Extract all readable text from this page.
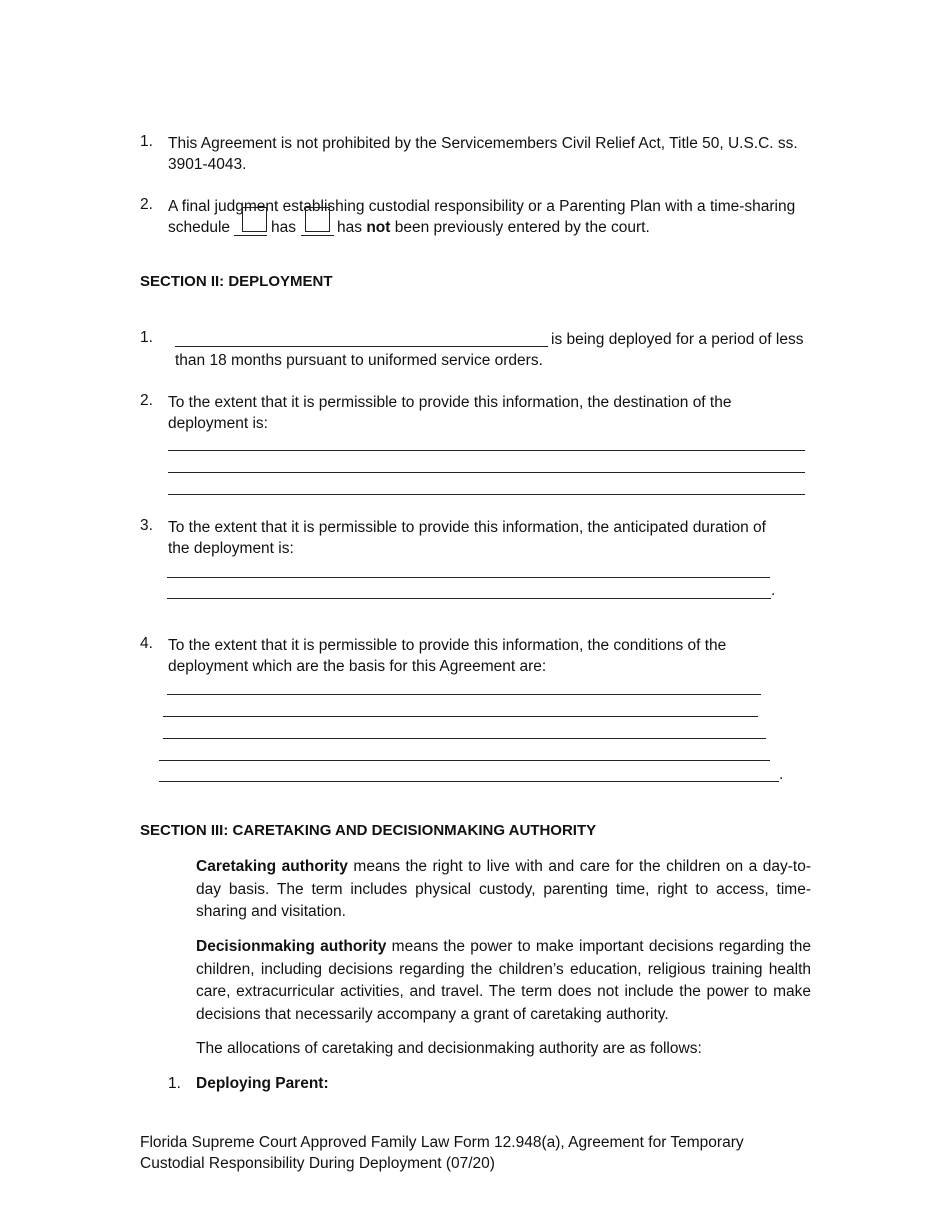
1. This Agreement is not prohibited by the Servicemembers Civil Relief Act, Title 50, U.S.C. ss.
3901-4043.
2. A final judgment establishing custodial responsibility or a Parenting Plan with a time-sharing
schedule	has	has not been previously entered by the court.
SECTION II: DEPLOYMENT
1.	is being deployed for a period of less
than 18 months pursuant to uniformed service orders.
2. To the extent that it is permissible to provide this information, the destination of the
deployment is:
3. To the extent that it is permissible to provide this information, the anticipated duration of
the deployment is:
.
4. To the extent that it is permissible to provide this information, the conditions of the
deployment which are the basis for this Agreement are:
.
SECTION III: CARETAKING AND DECISIONMAKING AUTHORITY
Caretaking authority means the right to live with and care for the children on a day-to-day basis. The term includes physical custody, parenting time, right to access, time-sharing and visitation.
Decisionmaking authority means the power to make important decisions regarding the children, including decisions regarding the children’s education, religious training health care, extracurricular activities, and travel. The term does not include the power to make decisions that necessarily accompany a grant of caretaking authority.
The allocations of caretaking and decisionmaking authority are as follows:
1. Deploying Parent:
Florida Supreme Court Approved Family Law Form 12.948(a), Agreement for Temporary
Custodial Responsibility During Deployment (07/20)
